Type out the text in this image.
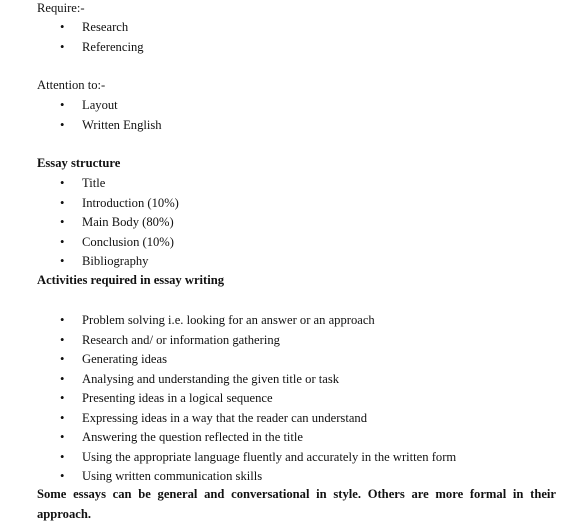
Require:-
• Research
• Referencing
Attention to:-
• Layout
• Written English
Essay structure
• Title
• Introduction (10%)
• Main Body (80%)
• Conclusion (10%)
• Bibliography
Activities required in essay writing
• Problem solving i.e. looking for an answer or an approach
• Research and/ or information gathering
• Generating ideas
• Analysing and understanding the given title or task
• Presenting ideas in a logical sequence
• Expressing ideas in a way that the reader can understand
• Answering the question reflected in the title
• Using the appropriate language fluently and accurately in the written form
• Using written communication skills
Some essays can be general and conversational in style. Others are more formal in their approach.
